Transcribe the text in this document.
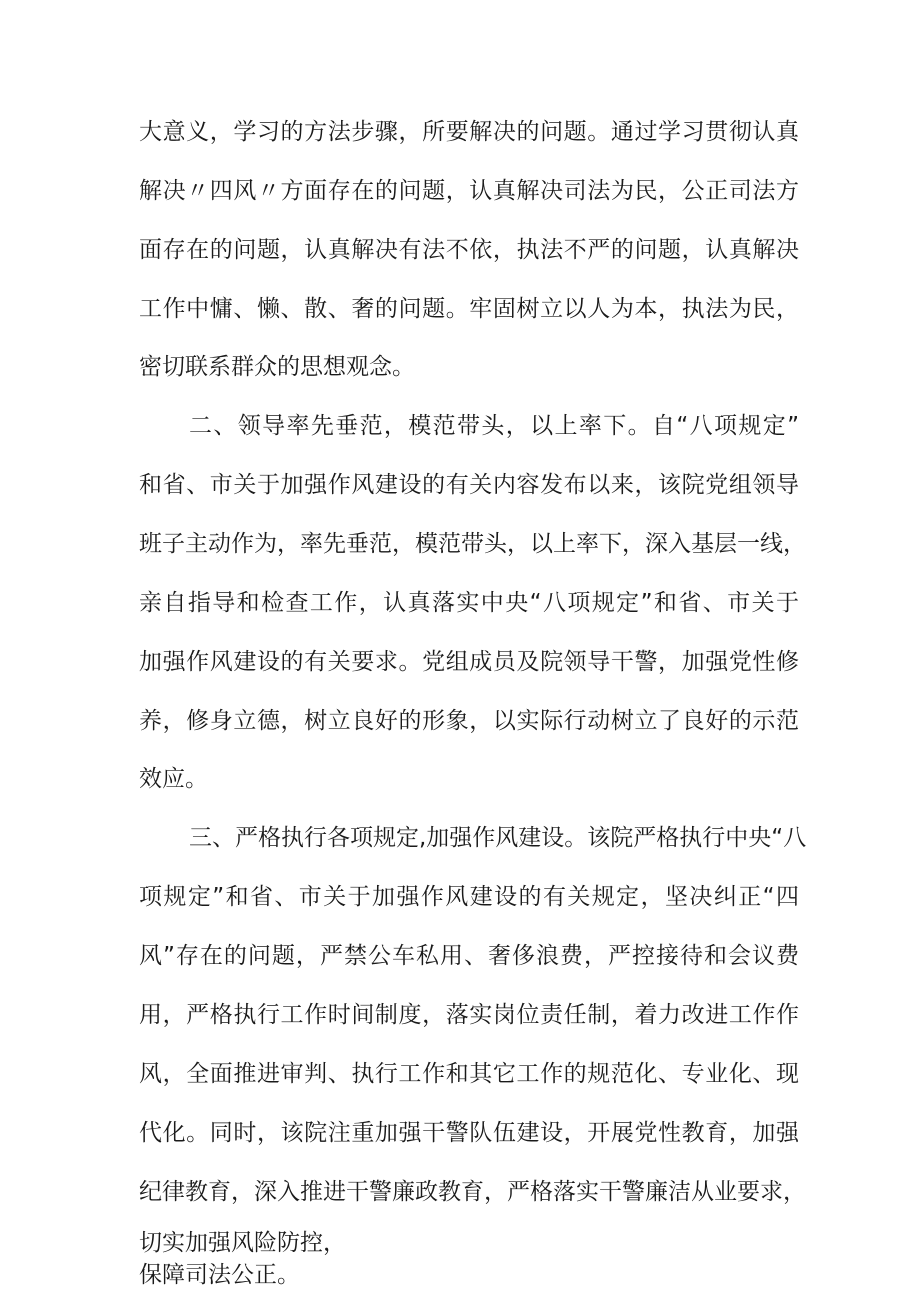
大意义，学习的方法步骤，所要解决的问题。通过学习贯彻认真
解决〃四风〃方面存在的问题，认真解决司法为民，公正司法方
面存在的问题，认真解决有法不依，执法不严的问题，认真解决
工作中慵、懒、散、奢的问题。牢固树立以人为本，执法为民，
密切联系群众的思想观念。
二、领导率先垂范，模范带头，以上率下。自“八项规定”
和省、市关于加强作风建设的有关内容发布以来，该院党组领导
班子主动作为，率先垂范，模范带头，以上率下，深入基层一线，
亲自指导和检查工作，认真落实中央“八项规定”和省、市关于
加强作风建设的有关要求。党组成员及院领导干警，加强党性修
养，修身立德，树立良好的形象，以实际行动树立了良好的示范
效应。
三、严格执行各项规定,加强作风建设。该院严格执行中央“八
项规定”和省、市关于加强作风建设的有关规定，坚决纠正“四
风”存在的问题，严禁公车私用、奢侈浪费，严控接待和会议费
用，严格执行工作时间制度，落实岗位责任制，着力改进工作作
风，全面推进审判、执行工作和其它工作的规范化、专业化、现
代化。同时，该院注重加强干警队伍建设，开展党性教育，加强
纪律教育，深入推进干警廉政教育，严格落实干警廉洁从业要求，
切实加强风险防控，
保障司法公正。
